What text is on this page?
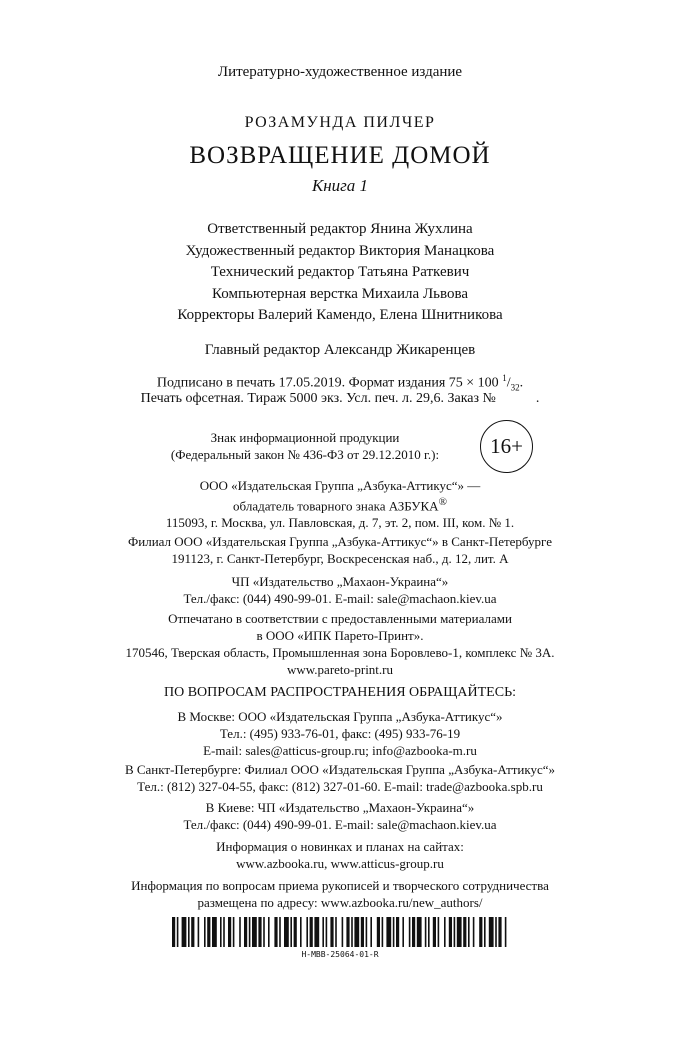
Литературно-художественное издание
РОЗАМУНДА ПИЛЧЕР
ВОЗВРАЩЕНИЕ ДОМОЙ
Книга 1
Ответственный редактор Янина Жухлина
Художественный редактор Виктория Манацкова
Технический редактор Татьяна Раткевич
Компьютерная верстка Михаила Львова
Корректоры Валерий Камендо, Елена Шнитникова
Главный редактор Александр Жикаренцев
Подписано в печать 17.05.2019. Формат издания 75 × 100 $^1/_{32}$.
Печать офсетная. Тираж 5000 экз. Усл. печ. л. 29,6. Заказ №	.
Знак информационной продукции
(Федеральный закон № 436-ФЗ от 29.12.2010 г.):	16+
ООО «Издательская Группа „Азбука-Аттикус“» —
обладатель товарного знака АЗБУКА®
115093, г. Москва, ул. Павловская, д. 7, эт. 2, пом. III, ком. № 1.
Филиал ООО «Издательская Группа „Азбука-Аттикус“» в Санкт-Петербурге
191123, г. Санкт-Петербург, Воскресенская наб., д. 12, лит. А
ЧП «Издательство „Махаон-Украина“»
Тел./факс: (044) 490-99-01. E-mail: sale@machaon.kiev.ua
Отпечатано в соответствии с предоставленными материалами
в ООО «ИПК Парето-Принт».
170546, Тверская область, Промышленная зона Боровлево-1, комплекс № 3А.
www.pareto-print.ru
ПО ВОПРОСАМ РАСПРОСТРАНЕНИЯ ОБРАЩАЙТЕСЬ:
В Москве: ООО «Издательская Группа „Азбука-Аттикус“»
Тел.: (495) 933-76-01, факс: (495) 933-76-19
E-mail: sales@atticus-group.ru; info@azbooka-m.ru
В Санкт-Петербурге: Филиал ООО «Издательская Группа „Азбука-Аттикус“»
Тел.: (812) 327-04-55, факс: (812) 327-01-60. E-mail: trade@azbooka.spb.ru
В Киеве: ЧП «Издательство „Махаон-Украина“»
Тел./факс: (044) 490-99-01. E-mail: sale@machaon.kiev.ua
Информация о новинках и планах на сайтах:
www.azbooka.ru, www.atticus-group.ru
Информация по вопросам приема рукописей и творческого сотрудничества
размещена по адресу: www.azbooka.ru/new_authors/
Н-МВВ-25064-01-R
